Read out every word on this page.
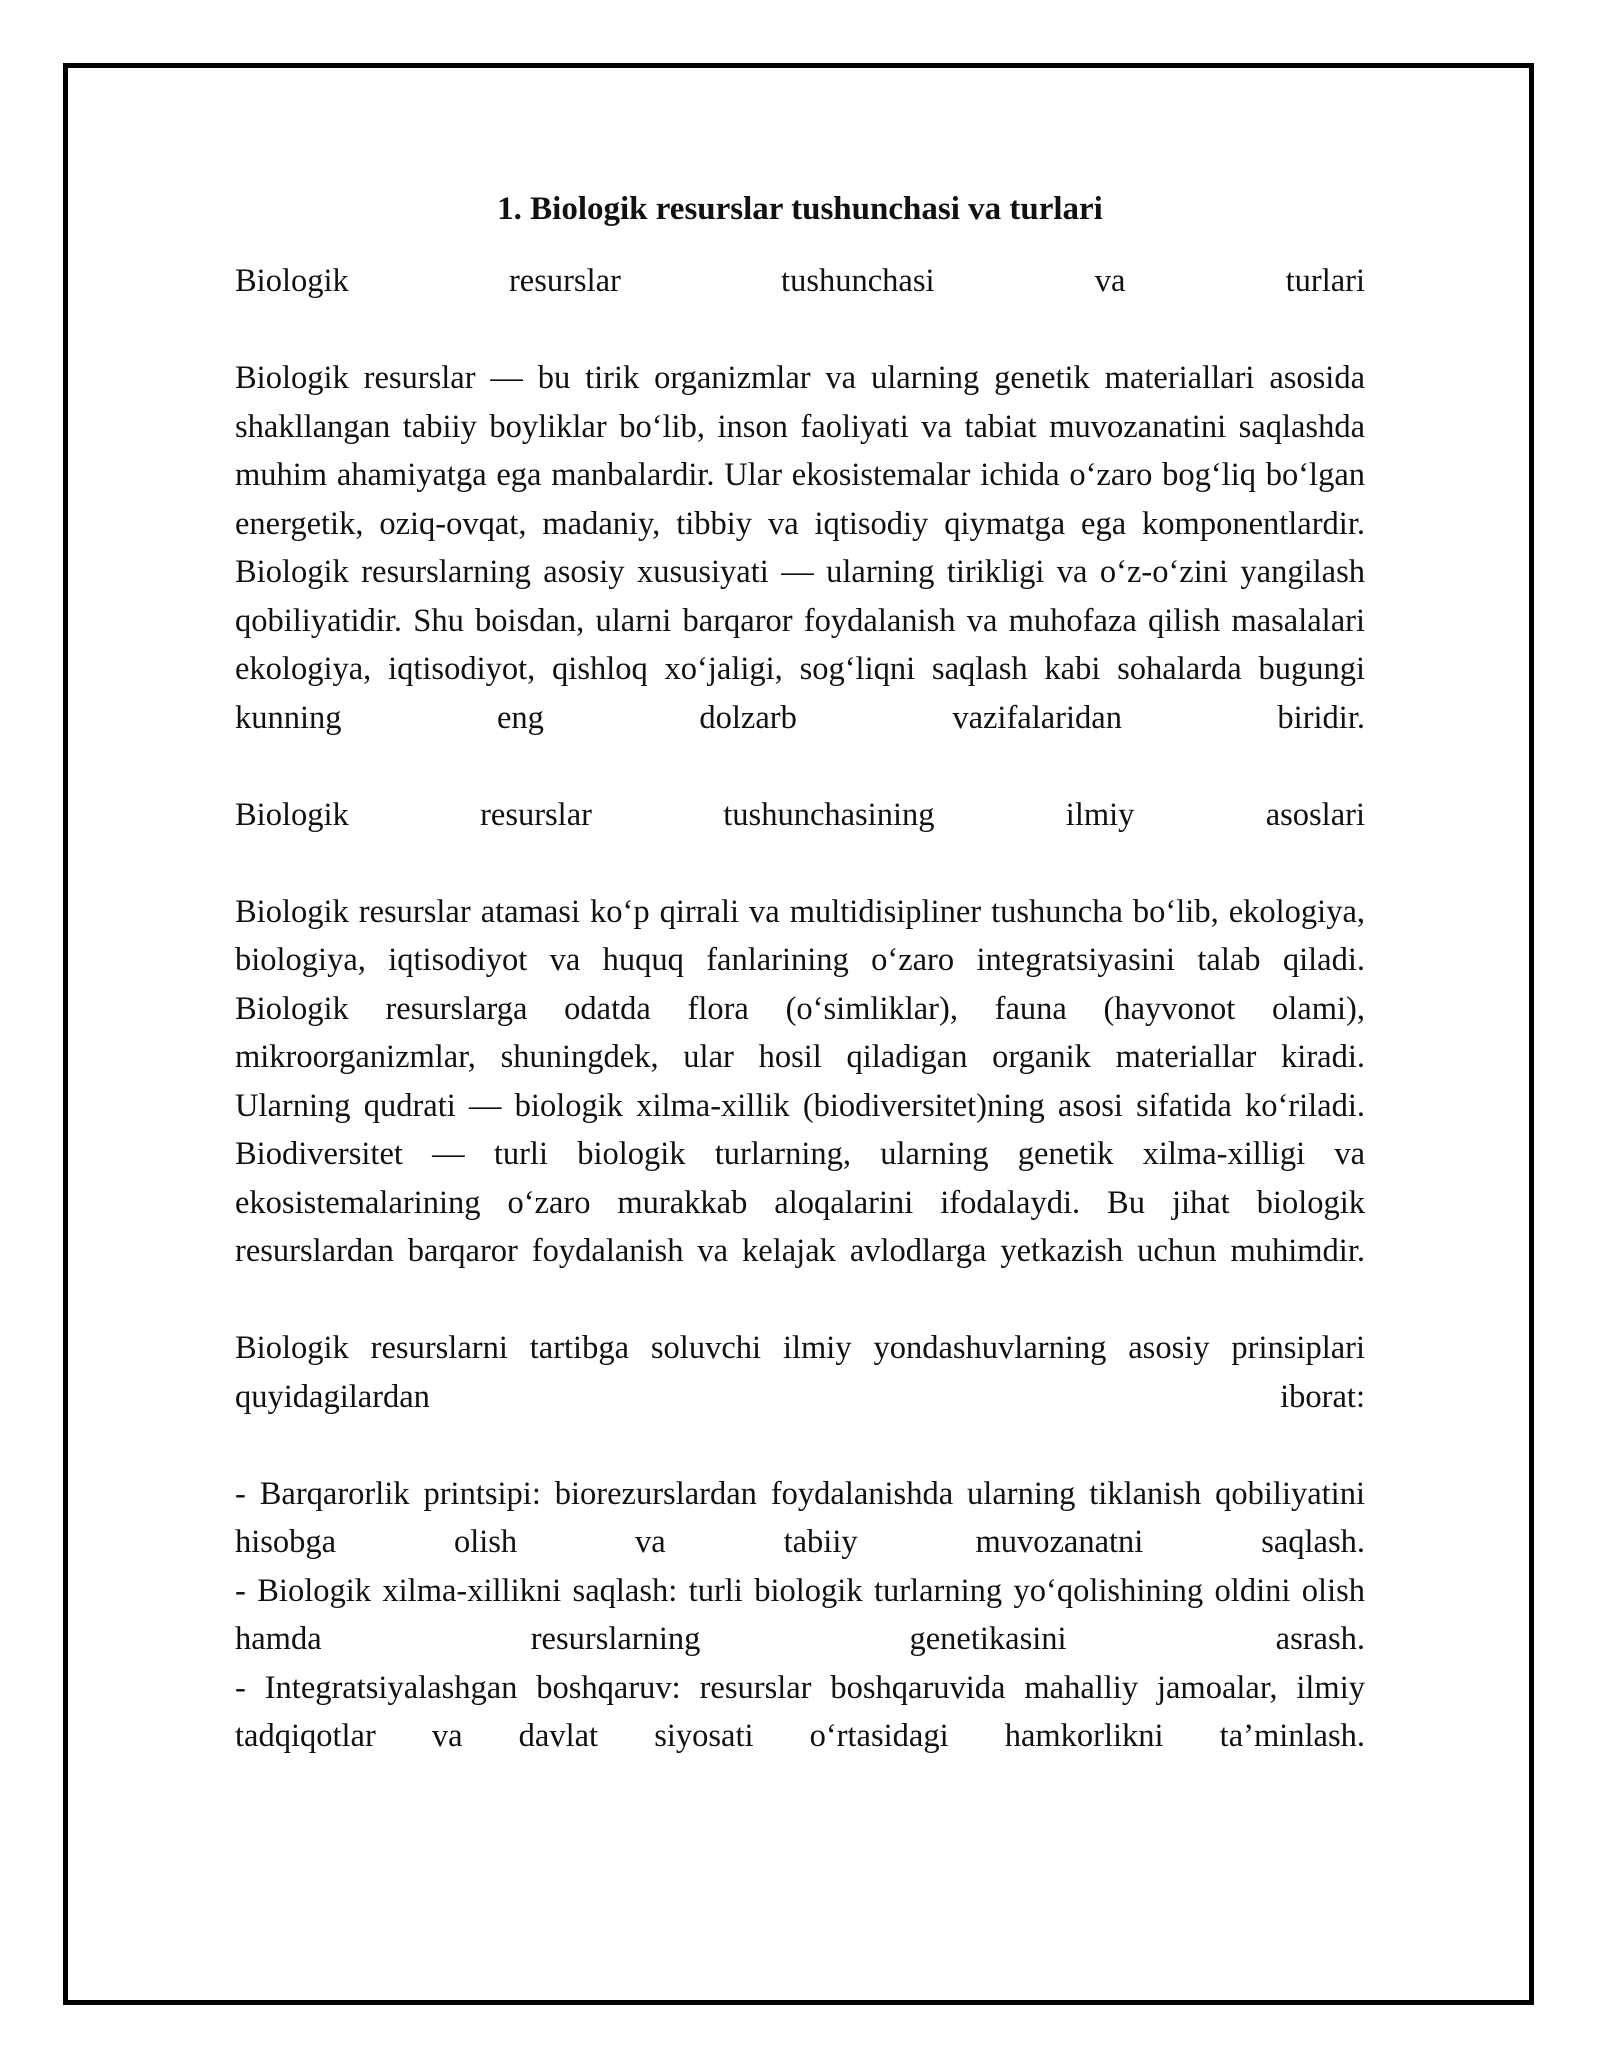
1. Biologik resurslar tushunchasi va turlari

Biologik resurslar tushunchasi va turlari

Biologik resurslar — bu tirik organizmlar va ularning genetik materiallari asosida shakllangan tabiiy boyliklar bo‘lib, inson faoliyati va tabiat muvozanatini saqlashda muhim ahamiyatga ega manbalardir. Ular ekosistemalar ichida o‘zaro bog‘liq bo‘lgan energetik, oziq-ovqat, madaniy, tibbiy va iqtisodiy qiymatga ega komponentlardir. Biologik resurslarning asosiy xususiyati — ularning tirikligi va o‘z-o‘zini yangilash qobiliyatidir. Shu boisdan, ularni barqaror foydalanish va muhofaza qilish masalalari ekologiya, iqtisodiyot, qishloq xo‘jaligi, sog‘liqni saqlash kabi sohalarda bugungi kunning eng dolzarb vazifalaridan biridir.

Biologik resurslar tushunchasining ilmiy asoslari

Biologik resurslar atamasi ko‘p qirrali va multidisipliner tushuncha bo‘lib, ekologiya, biologiya, iqtisodiyot va huquq fanlarining o‘zaro integratsiyasini talab qiladi. Biologik resurslarga odatda flora (o‘simliklar), fauna (hayvonot olami), mikroorganizmlar, shuningdek, ular hosil qiladigan organik materiallar kiradi. Ularning qudrati — biologik xilma-xillik (biodiversitet)ning asosi sifatida ko‘riladi. Biodiversitet — turli biologik turlarning, ularning genetik xilma-xilligi va ekosistemalarining o‘zaro murakkab aloqalarini ifodalaydi. Bu jihat biologik resurslardan barqaror foydalanish va kelajak avlodlarga yetkazish uchun muhimdir.

Biologik resurslarni tartibga soluvchi ilmiy yondashuvlarning asosiy prinsiplari quyidagilardan iborat:

- Barqarorlik printsipi: biorezurslardan foydalanishda ularning tiklanish qobiliyatini hisobga olish va tabiiy muvozanatni saqlash.

- Biologik xilma-xillikni saqlash: turli biologik turlarning yo‘qolishining oldini olish hamda resurslarning genetikasini asrash.

- Integratsiyalashgan boshqaruv: resurslar boshqaruvida mahalliy jamoalar, ilmiy tadqiqotlar va davlat siyosati o‘rtasidagi hamkorlikni ta’minlash.
